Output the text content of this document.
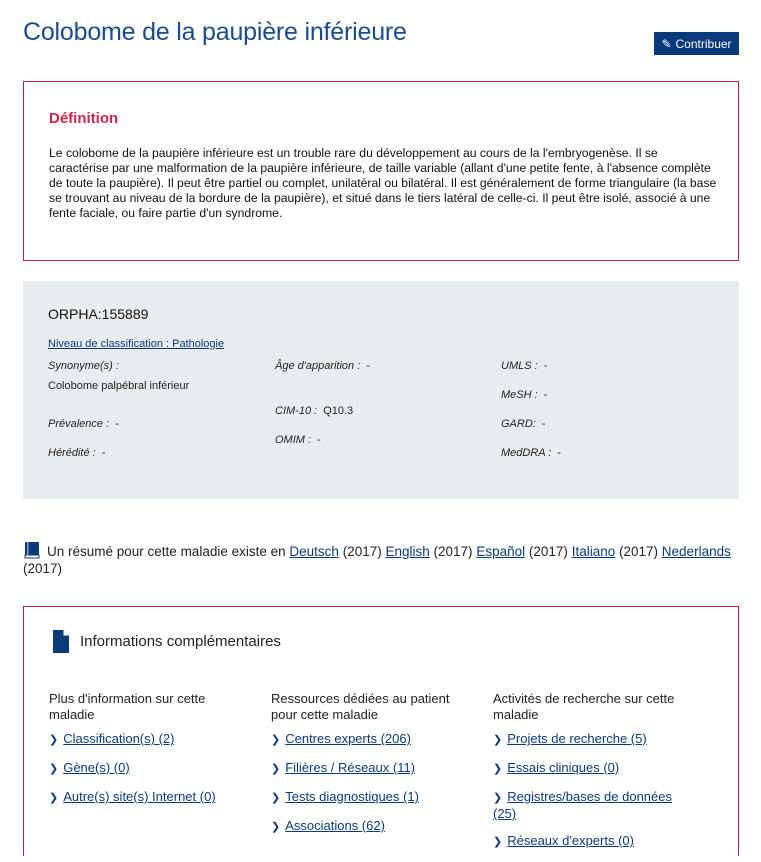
Colobome de la paupière inférieure	✎ Contribuer
Définition

Le colobome de la paupière inférieure est un trouble rare du développement au cours de la l'embryogenèse. Il se caractérise par une malformation de la paupière inférieure, de taille variable (allant d'une petite fente, à l'absence complète de toute la paupière). Il peut être partiel ou complet, unilatéral ou bilatéral. Il est généralement de forme triangulaire (la base se trouvant au niveau de la bordure de la paupière), et situé dans le tiers latéral de celle-ci. Il peut être isolé, associé à une fente faciale, ou faire partie d'un syndrome.

ORPHA:155889
Niveau de classification : Pathologie
Synonyme(s) :
Colobome palpébral inférieur
Prévalence : -
Hérédité : -
Âge d'apparition : -
CIM-10 : Q10.3
OMIM : -
UMLS : -
MeSH : -
GARD: -
MedDRA : -
Un résumé pour cette maladie existe en Deutsch (2017) English (2017) Español (2017) Italiano (2017) Nederlands (2017)
Informations complémentaires
Plus d'information sur cette maladie
❯ Classification(s) (2)
❯ Gène(s) (0)
❯ Autre(s) site(s) Internet (0)
Ressources dédiées au patient pour cette maladie
❯ Centres experts (206)
❯ Filières / Réseaux (11)
❯ Tests diagnostiques (1)
❯ Associations (62)
Activités de recherche sur cette maladie
❯ Projets de recherche (5)
❯ Essais cliniques (0)
❯ Registres/bases de données (25)
❯ Réseaux d'experts (0)
